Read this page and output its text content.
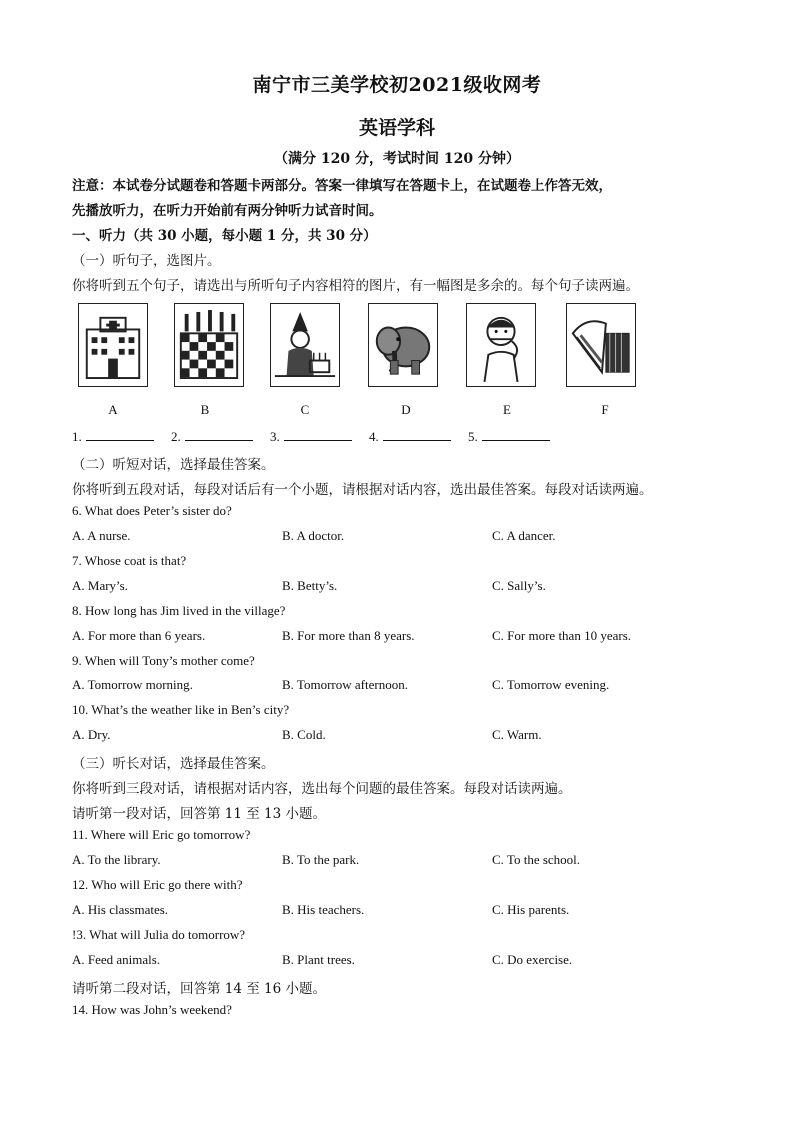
南宁市三美学校初2021级收网考
英语学科
（满分 120 分，考试时间 120 分钟）
注意：本试卷分试题卷和答题卡两部分。答案一律填写在答题卡上，在试题卷上作答无效，
先播放听力，在听力开始前有两分钟听力试音时间。
一、听力（共 30 小题，每小题 1 分，共 30 分）
（一）听句子，选图片。
你将听到五个句子，请选出与所听句子内容相符的图片，有一幅图是多余的。每个句子读两遍。
A	B	C	D	E	F
1.	2.	3.	4.	5.
（二）听短对话，选择最佳答案。
你将听到五段对话，每段对话后有一个小题，请根据对话内容，选出最佳答案。每段对话读两遍。
6. What does Peter’s sister do?
A. A nurse.	B. A doctor.	C. A dancer.
7. Whose coat is that?
A. Mary’s.	B. Betty’s.	C. Sally’s.
8. How long has Jim lived in the village?
A. For more than 6 years.	B. For more than 8 years.	C. For more than 10 years.
9. When will Tony’s mother come?
A. Tomorrow morning.	B. Tomorrow afternoon.	C. Tomorrow evening.
10. What’s the weather like in Ben’s city?
A. Dry.	B. Cold.	C. Warm.
（三）听长对话，选择最佳答案。
你将听到三段对话，请根据对话内容，选出每个问题的最佳答案。每段对话读两遍。
请听第一段对话，回答第 11 至 13 小题。
11. Where will Eric go tomorrow?
A. To the library.	B. To the park.	C. To the school.
12. Who will Eric go there with?
A. His classmates.	B. His teachers.	C. His parents.
!3. What will Julia do tomorrow?
A. Feed animals.	B. Plant trees.	C. Do exercise.
请听第二段对话，回答第 14 至 16 小题。
14. How was John’s weekend?
